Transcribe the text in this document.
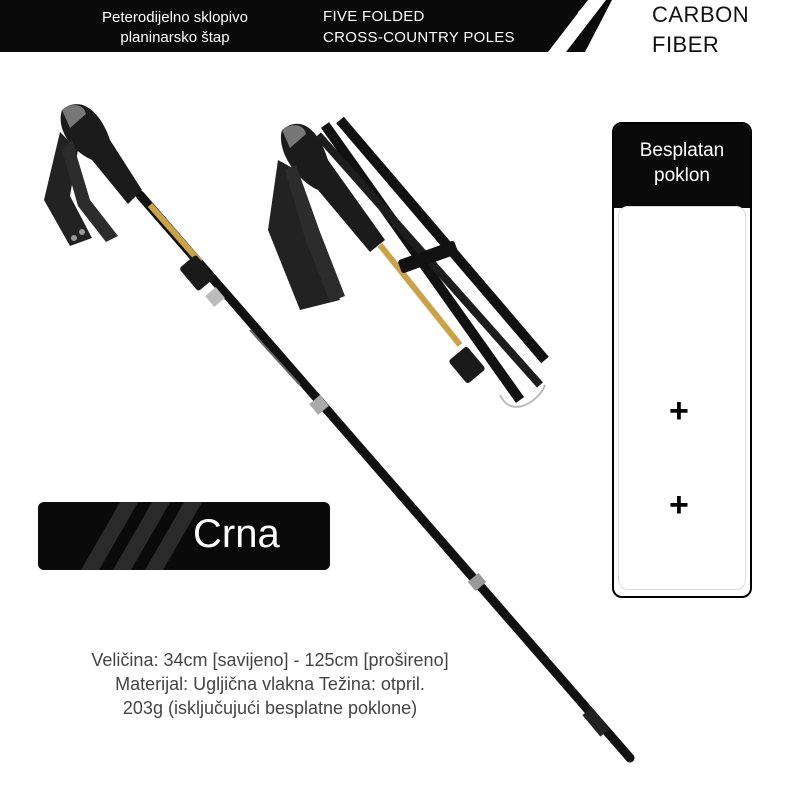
Peterodijelno sklopivo
planinarsko štap
FIVE FOLDED
CROSS-COUNTRY POLES
CARBON
FIBER
Crna
Veličina: 34cm [savijeno] - 125cm [prošireno]
Materijal: Ugljična vlakna Težina: otpril.
203g (isključujući besplatne poklone)
Besplatan
poklon
+
+
